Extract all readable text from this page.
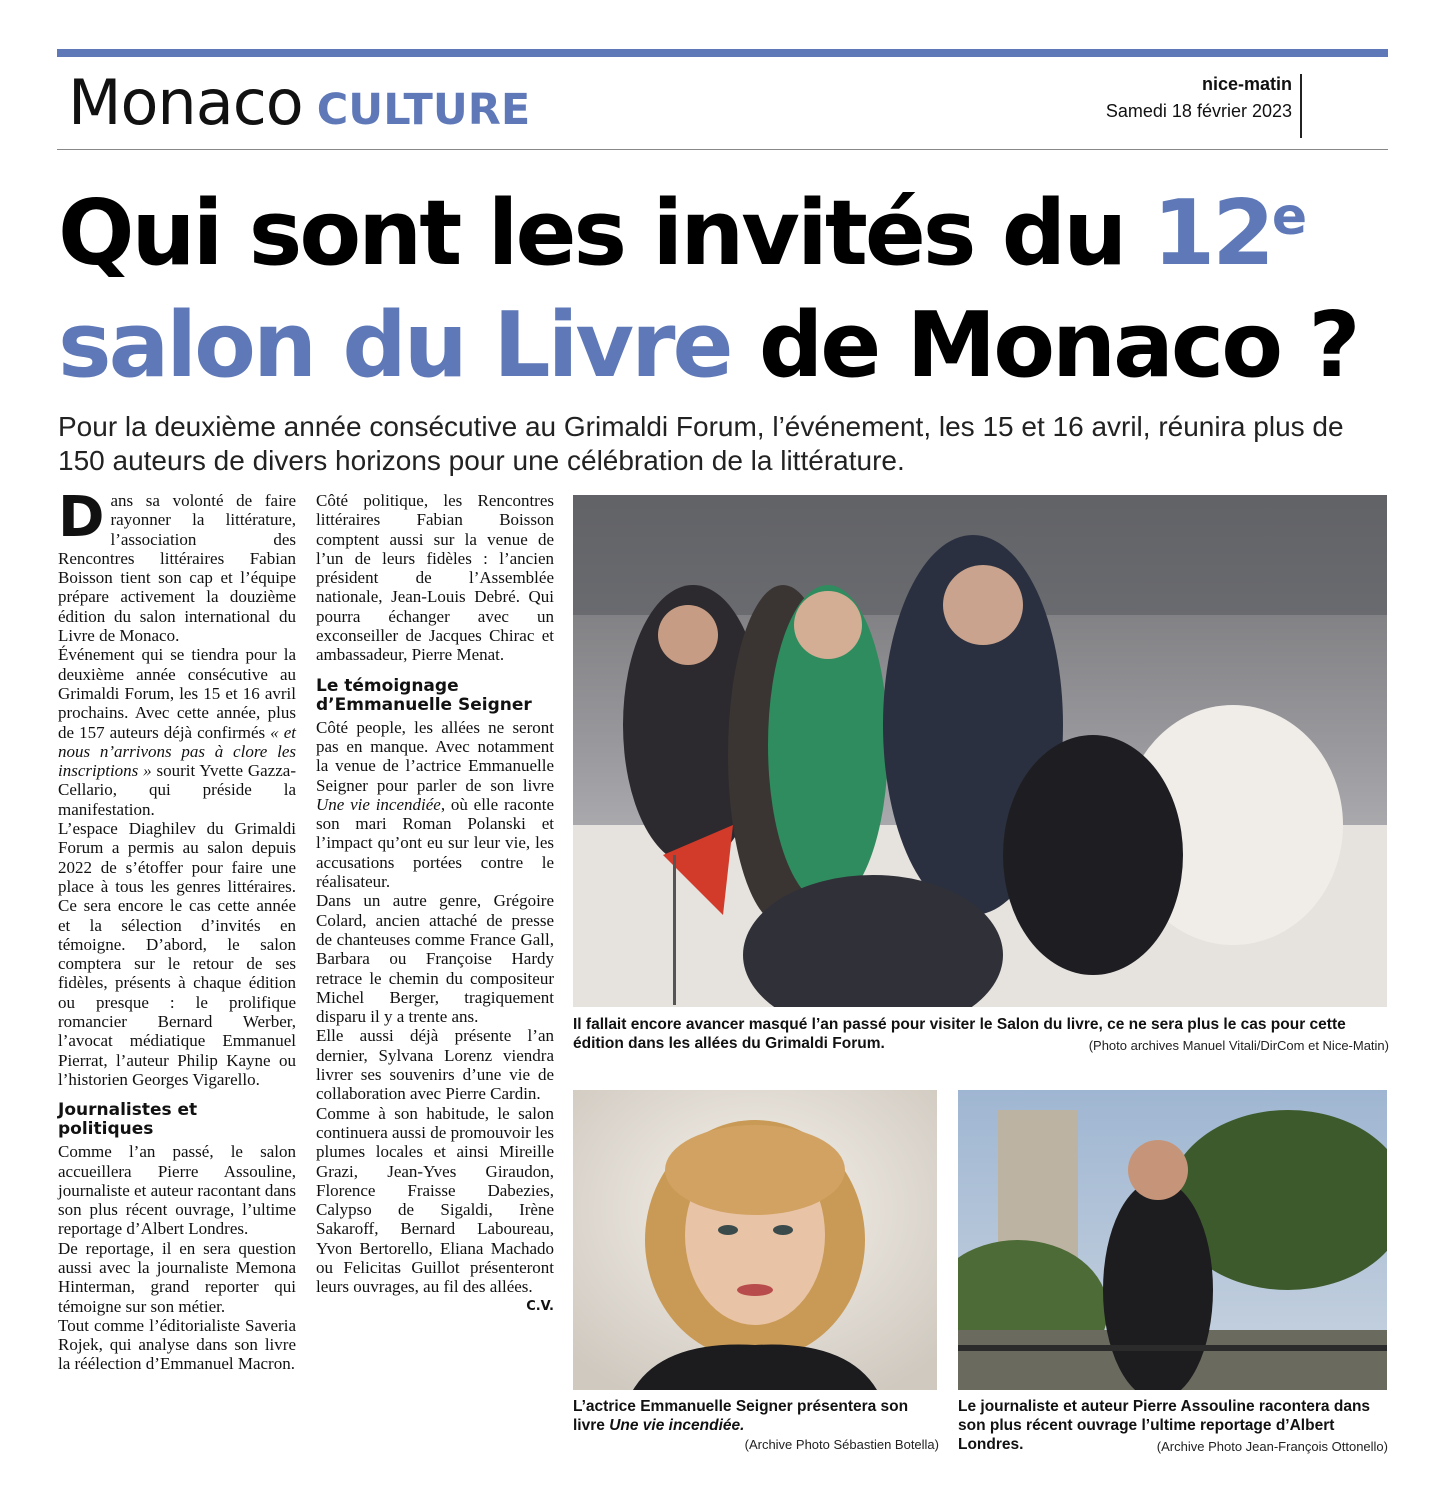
Monaco CULTURE
nice-matin
Samedi 18 février 2023
Qui sont les invités du 12e
salon du Livre de Monaco ?

Pour la deuxième année consécutive au Grimaldi Forum, l’événement, les 15 et 16 avril, réunira plus de 150 auteurs de divers horizons pour une célébration de la littérature.

Dans sa volonté de faire rayonner la littérature, l’association des Rencontres littéraires Fabian Boisson tient son cap et l’équipe prépare activement la douzième édition du salon international du Livre de Monaco.

Événement qui se tiendra pour la deuxième année consécutive au Grimaldi Forum, les 15 et 16 avril prochains. Avec cette année, plus de 157 auteurs déjà confirmés « et nous n’arrivons pas à clore les inscriptions » sourit Yvette Gazza-Cellario, qui préside la manifestation.

L’espace Diaghilev du Grimaldi Forum a permis au salon depuis 2022 de s’étoffer pour faire une place à tous les genres littéraires. Ce sera encore le cas cette année et la sélection d’invités en témoigne. D’abord, le salon comptera sur le retour de ses fidèles, présents à chaque édition ou presque : le prolifique romancier Bernard Werber, l’avocat médiatique Emmanuel Pierrat, l’auteur Philip Kayne ou l’historien Georges Vigarello.

Journalistes et politiques

Comme l’an passé, le salon accueillera Pierre Assouline, journaliste et auteur racontant dans son plus récent ouvrage, l’ultime reportage d’Albert Londres.

De reportage, il en sera question aussi avec la journaliste Memona Hinterman, grand reporter qui témoigne sur son métier.

Tout comme l’éditorialiste Saveria Rojek, qui analyse dans son livre la réélection d’Emmanuel Macron.

Côté politique, les Rencontres littéraires Fabian Boisson comptent aussi sur la venue de l’un de leurs fidèles : l’ancien président de l’Assemblée nationale, Jean-Louis Debré. Qui pourra échanger avec un exconseiller de Jacques Chirac et ambassadeur, Pierre Menat.

Le témoignage d’Emmanuelle Seigner

Côté people, les allées ne seront pas en manque. Avec notamment la venue de l’actrice Emmanuelle Seigner pour parler de son livre Une vie incendiée, où elle raconte son mari Roman Polanski et l’impact qu’ont eu sur leur vie, les accusations portées contre le réalisateur.

Dans un autre genre, Grégoire Colard, ancien attaché de presse de chanteuses comme France Gall, Barbara ou Françoise Hardy retrace le chemin du compositeur Michel Berger, tragiquement disparu il y a trente ans.

Elle aussi déjà présente l’an dernier, Sylvana Lorenz viendra livrer ses souvenirs d’une vie de collaboration avec Pierre Cardin.

Comme à son habitude, le salon continuera aussi de promouvoir les plumes locales et ainsi Mireille Grazi, Jean-Yves Giraudon, Florence Fraisse Dabezies, Calypso de Sigaldi, Irène Sakaroff, Bernard Laboureau, Yvon Bertorello, Eliana Machado ou Felicitas Guillot présenteront leurs ouvrages, au fil des allées.

C.V.
Il fallait encore avancer masqué l’an passé pour visiter le Salon du livre, ce ne sera plus le cas pour cette édition dans les allées du Grimaldi Forum.	(Photo archives Manuel Vitali/DirCom et Nice-Matin)
L’actrice Emmanuelle Seigner présentera son livre Une vie incendiée.
(Archive Photo Sébastien Botella)
Le journaliste et auteur Pierre Assouline racontera dans son plus récent ouvrage l’ultime reportage d’Albert Londres.	(Archive Photo Jean-François Ottonello)
